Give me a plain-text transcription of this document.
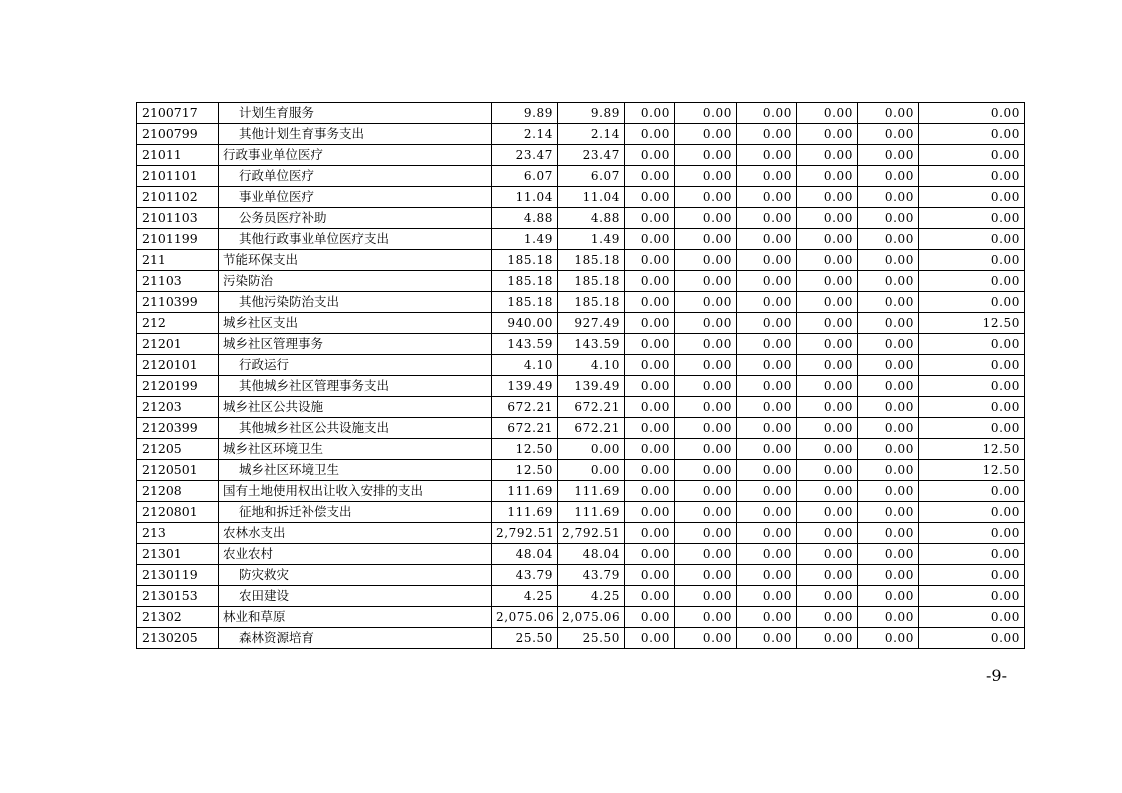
2100717	计划生育服务	9.89	9.89	0.00	0.00	0.00	0.00	0.00	0.00
2100799	其他计划生育事务支出	2.14	2.14	0.00	0.00	0.00	0.00	0.00	0.00
21011	行政事业单位医疗	23.47	23.47	0.00	0.00	0.00	0.00	0.00	0.00
2101101	行政单位医疗	6.07	6.07	0.00	0.00	0.00	0.00	0.00	0.00
2101102	事业单位医疗	11.04	11.04	0.00	0.00	0.00	0.00	0.00	0.00
2101103	公务员医疗补助	4.88	4.88	0.00	0.00	0.00	0.00	0.00	0.00
2101199	其他行政事业单位医疗支出	1.49	1.49	0.00	0.00	0.00	0.00	0.00	0.00
211	节能环保支出	185.18	185.18	0.00	0.00	0.00	0.00	0.00	0.00
21103	污染防治	185.18	185.18	0.00	0.00	0.00	0.00	0.00	0.00
2110399	其他污染防治支出	185.18	185.18	0.00	0.00	0.00	0.00	0.00	0.00
212	城乡社区支出	940.00	927.49	0.00	0.00	0.00	0.00	0.00	12.50
21201	城乡社区管理事务	143.59	143.59	0.00	0.00	0.00	0.00	0.00	0.00
2120101	行政运行	4.10	4.10	0.00	0.00	0.00	0.00	0.00	0.00
2120199	其他城乡社区管理事务支出	139.49	139.49	0.00	0.00	0.00	0.00	0.00	0.00
21203	城乡社区公共设施	672.21	672.21	0.00	0.00	0.00	0.00	0.00	0.00
2120399	其他城乡社区公共设施支出	672.21	672.21	0.00	0.00	0.00	0.00	0.00	0.00
21205	城乡社区环境卫生	12.50	0.00	0.00	0.00	0.00	0.00	0.00	12.50
2120501	城乡社区环境卫生	12.50	0.00	0.00	0.00	0.00	0.00	0.00	12.50
21208	国有土地使用权出让收入安排的支出	111.69	111.69	0.00	0.00	0.00	0.00	0.00	0.00
2120801	征地和拆迁补偿支出	111.69	111.69	0.00	0.00	0.00	0.00	0.00	0.00
213	农林水支出	2,792.51	2,792.51	0.00	0.00	0.00	0.00	0.00	0.00
21301	农业农村	48.04	48.04	0.00	0.00	0.00	0.00	0.00	0.00
2130119	防灾救灾	43.79	43.79	0.00	0.00	0.00	0.00	0.00	0.00
2130153	农田建设	4.25	4.25	0.00	0.00	0.00	0.00	0.00	0.00
21302	林业和草原	2,075.06	2,075.06	0.00	0.00	0.00	0.00	0.00	0.00
2130205	森林资源培育	25.50	25.50	0.00	0.00	0.00	0.00	0.00	0.00
-9-
